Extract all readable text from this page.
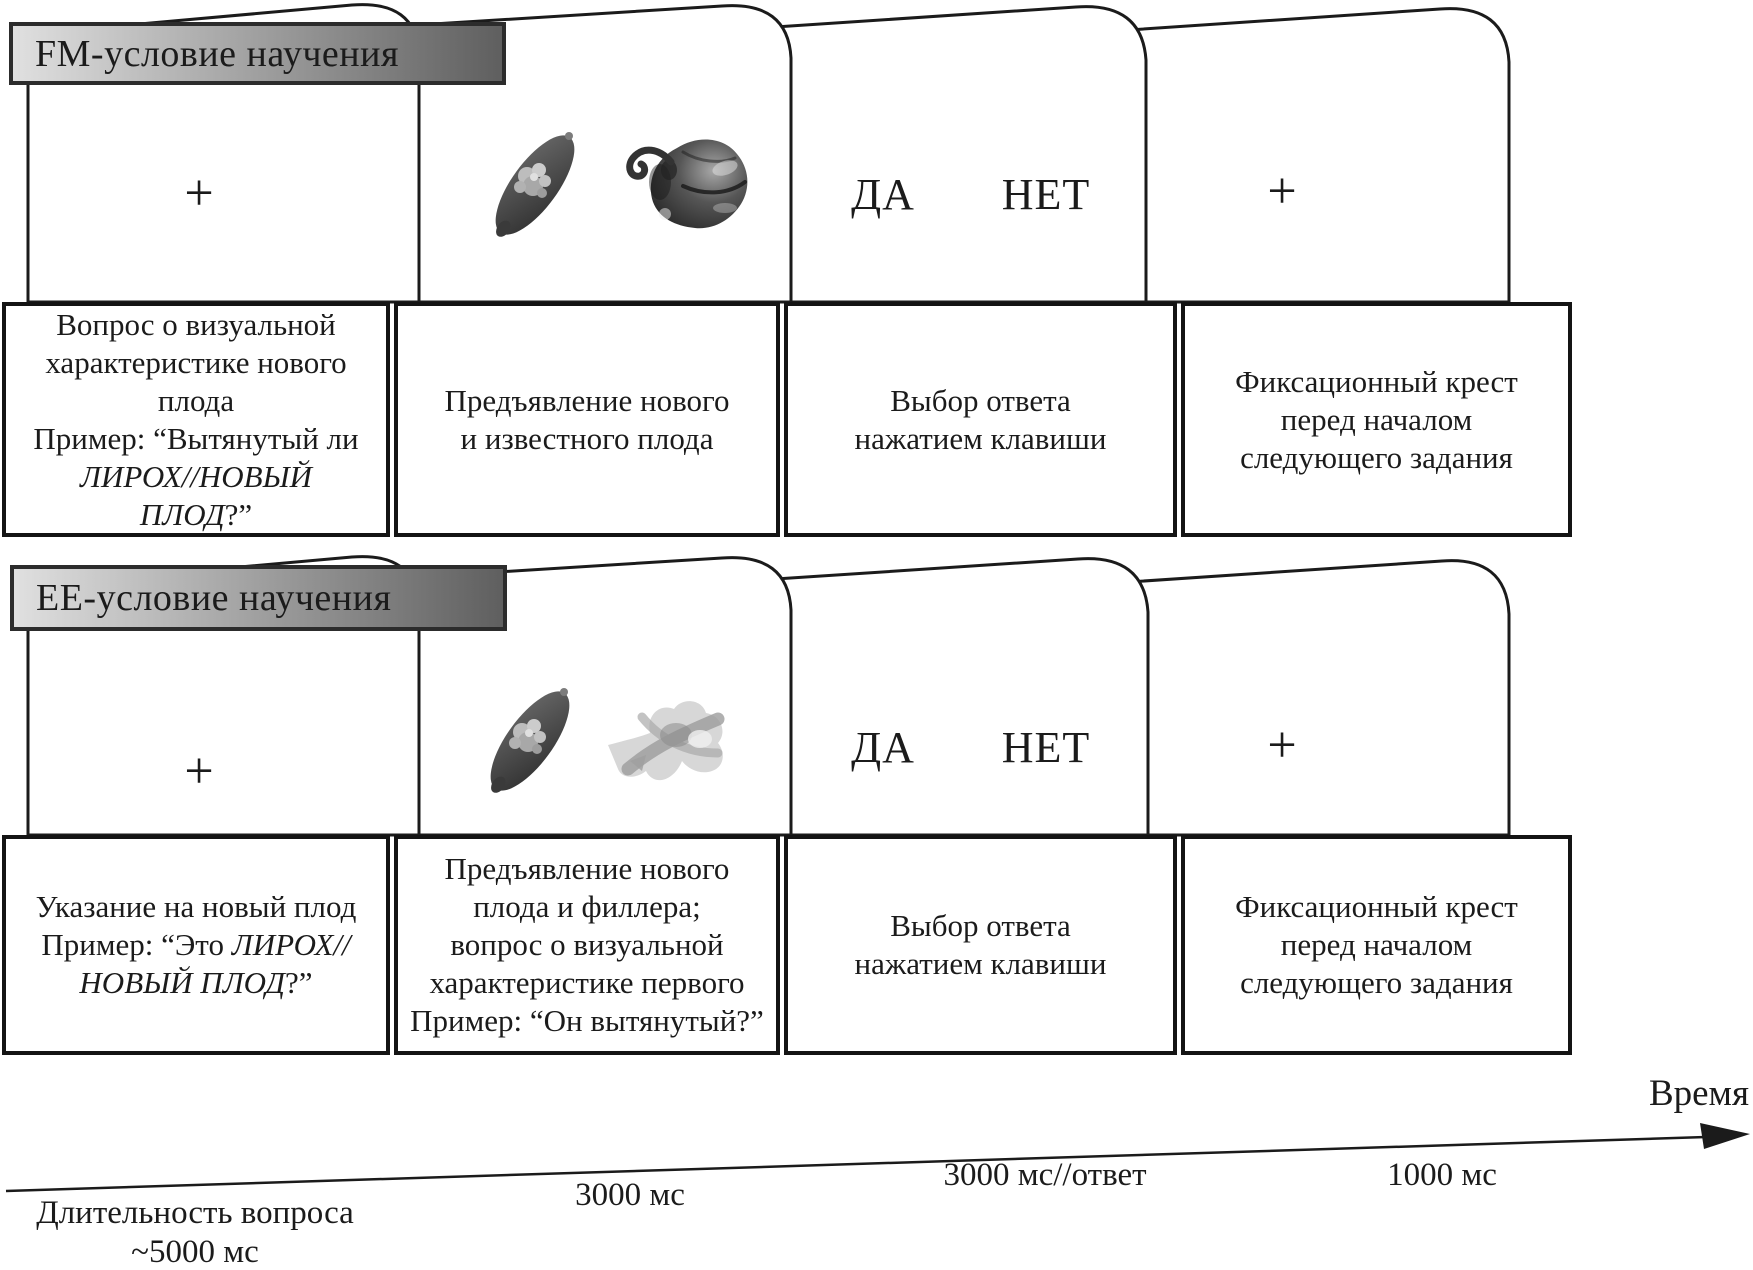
FM-условие научения
+	ДА НЕТ	+
Вопрос о визуальной
характеристике нового
плода
Пример: “Вытянутый ли
ЛИРОХ//НОВЫЙ
ПЛОД?”
Предъявление нового
и известного плода
Выбор ответа
нажатием клавиши
Фиксационный крест
перед началом
следующего задания
ЕЕ-условие научения
+	ДА НЕТ	+
Указание на новый плод
Пример: “Это ЛИРОХ//
НОВЫЙ ПЛОД?”
Предъявление нового
плода и филлера;
вопрос о визуальной
характеристике первого
Пример: “Он вытянутый?”
Выбор ответа
нажатием клавиши
Фиксационный крест
перед началом
следующего задания
Время
Длительность вопроса
~5000 мс
3000 мс
3000 мс//ответ	1000 мс
